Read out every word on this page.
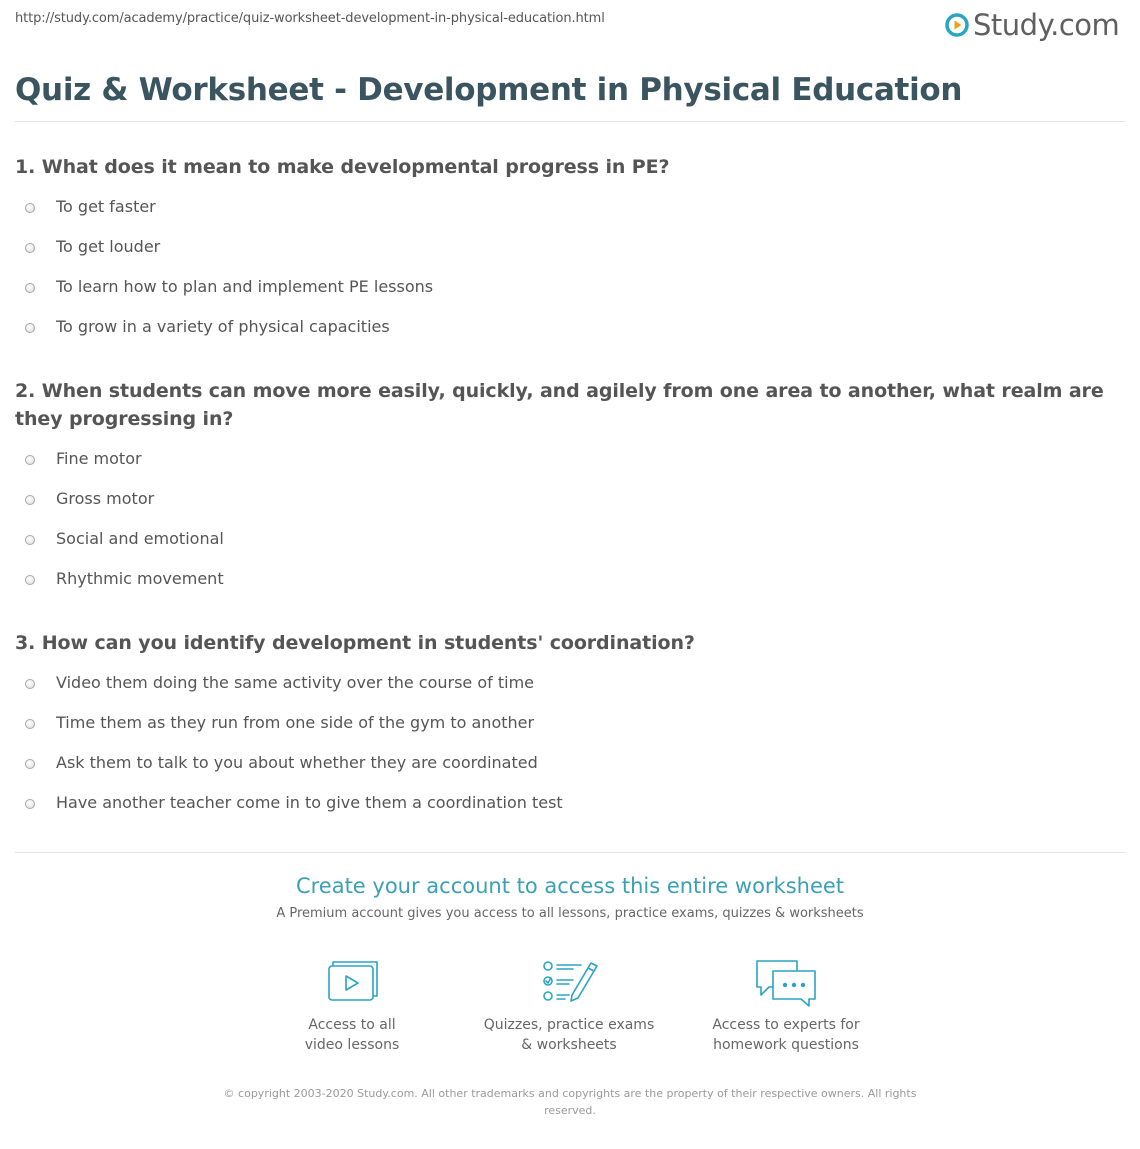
http://study.com/academy/practice/quiz-worksheet-development-in-physical-education.html	Study.com
Quiz & Worksheet - Development in Physical Education

1. What does it mean to make developmental progress in PE?

To get faster
To get louder
To learn how to plan and implement PE lessons
To grow in a variety of physical capacities

2. When students can move more easily, quickly, and agilely from one area to another, what realm are they progressing in?

Fine motor
Gross motor
Social and emotional
Rhythmic movement

3. How can you identify development in students' coordination?

Video them doing the same activity over the course of time
Time them as they run from one side of the gym to another
Ask them to talk to you about whether they are coordinated
Have another teacher come in to give them a coordination test
Create your account to access this entire worksheet
A Premium account gives you access to all lessons, practice exams, quizzes & worksheets
Access to all
video lessons
Quizzes, practice exams
& worksheets
Access to experts for
homework questions
© copyright 2003-2020 Study.com. All other trademarks and copyrights are the property of their respective owners. All rights
reserved.
